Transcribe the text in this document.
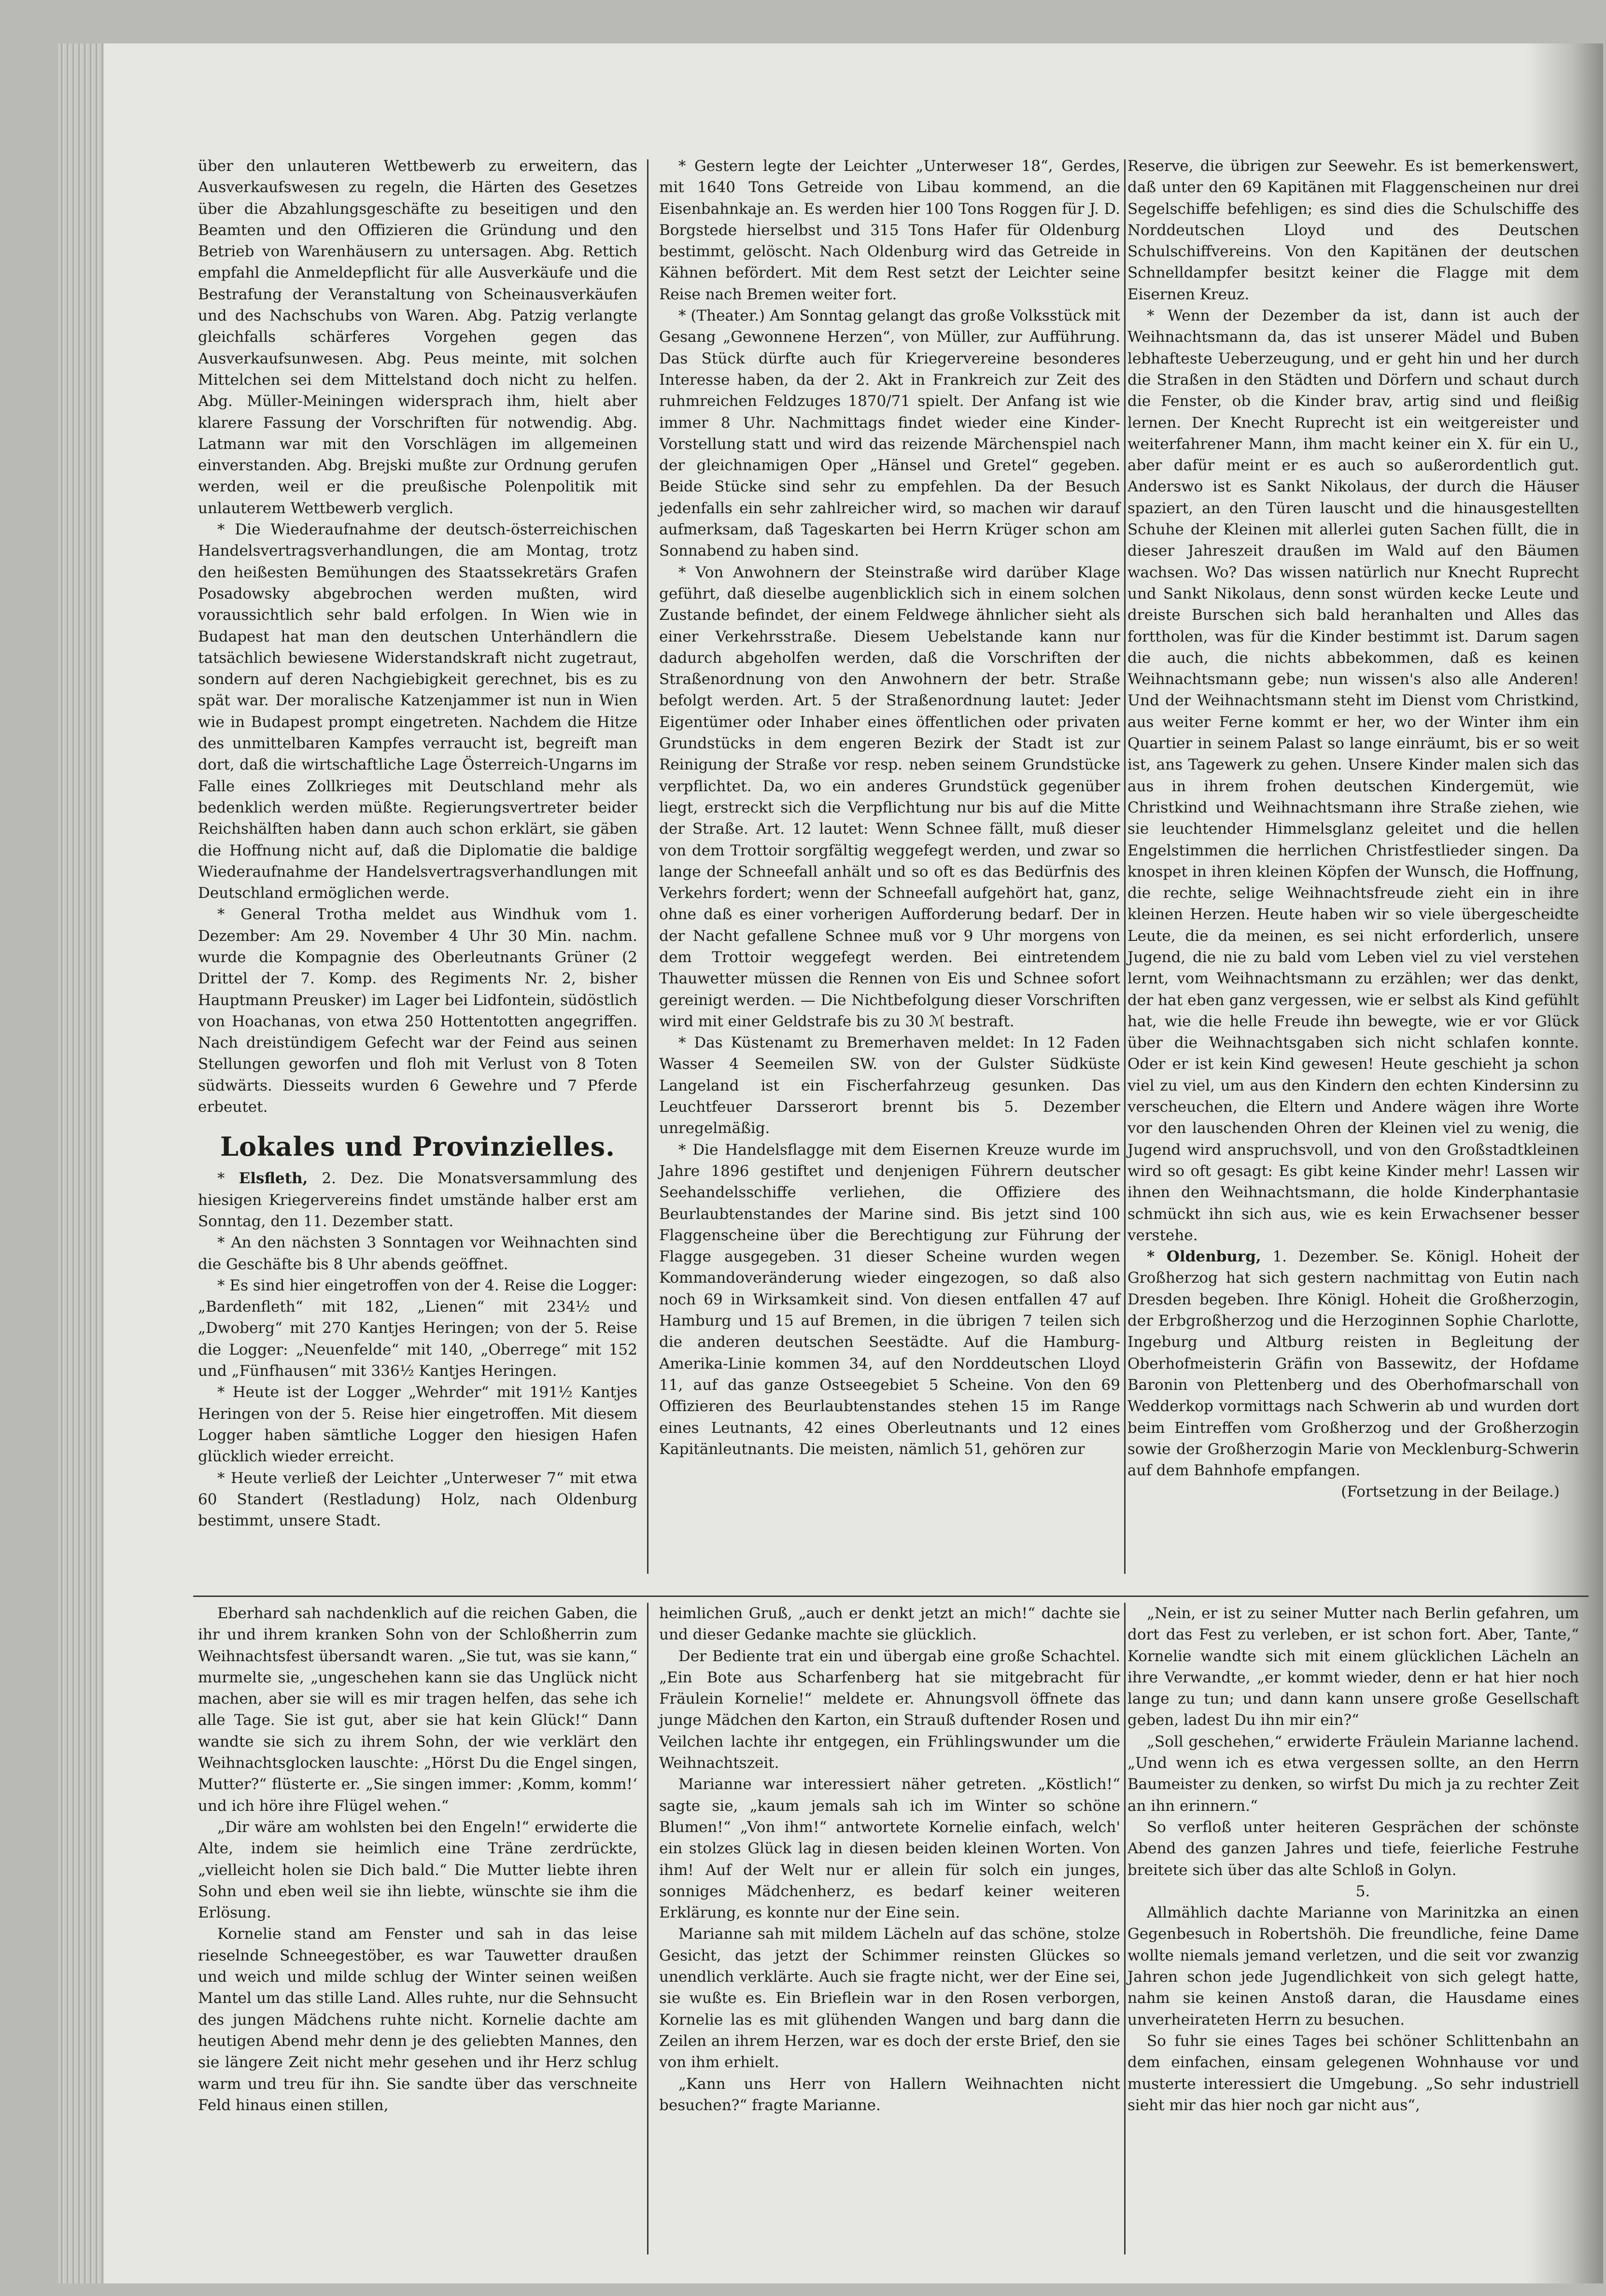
über den unlauteren Wettbewerb zu erweitern, das Ausverkaufswesen zu regeln, die Härten des Gesetzes über die Abzahlungsgeschäfte zu beseitigen und den Beamten und den Offizieren die Gründung und den Betrieb von Warenhäusern zu untersagen. Abg. Rettich empfahl die Anmeldepflicht für alle Ausverkäufe und die Bestrafung der Veranstaltung von Scheinausverkäufen und des Nachschubs von Waren. Abg. Patzig verlangte gleichfalls schärferes Vorgehen gegen das Ausverkaufsunwesen. Abg. Peus meinte, mit solchen Mittelchen sei dem Mittelstand doch nicht zu helfen. Abg. Müller-Meiningen widersprach ihm, hielt aber klarere Fassung der Vorschriften für notwendig. Abg. Latmann war mit den Vorschlägen im allgemeinen einverstanden. Abg. Brejski mußte zur Ordnung gerufen werden, weil er die preußische Polenpolitik mit unlauterem Wettbewerb verglich.

* Die Wiederaufnahme der deutsch-österreichischen Handelsvertragsverhandlungen, die am Montag, trotz den heißesten Bemühungen des Staatssekretärs Grafen Posadowsky abgebrochen werden mußten, wird voraussichtlich sehr bald erfolgen. In Wien wie in Budapest hat man den deutschen Unterhändlern die tatsächlich bewiesene Widerstandskraft nicht zugetraut, sondern auf deren Nachgiebigkeit gerechnet, bis es zu spät war. Der moralische Katzenjammer ist nun in Wien wie in Budapest prompt eingetreten. Nachdem die Hitze des unmittelbaren Kampfes verraucht ist, begreift man dort, daß die wirtschaftliche Lage Österreich-Ungarns im Falle eines Zollkrieges mit Deutschland mehr als bedenklich werden müßte. Regierungsvertreter beider Reichshälften haben dann auch schon erklärt, sie gäben die Hoffnung nicht auf, daß die Diplomatie die baldige Wiederaufnahme der Handelsvertragsverhandlungen mit Deutschland ermöglichen werde.

* General Trotha meldet aus Windhuk vom 1. Dezember: Am 29. November 4 Uhr 30 Min. nachm. wurde die Kompagnie des Oberleutnants Grüner (2 Drittel der 7. Komp. des Regiments Nr. 2, bisher Hauptmann Preusker) im Lager bei Lidfontein, südöstlich von Hoachanas, von etwa 250 Hottentotten angegriffen. Nach dreistündigem Gefecht war der Feind aus seinen Stellungen geworfen und floh mit Verlust von 8 Toten südwärts. Diesseits wurden 6 Gewehre und 7 Pferde erbeutet.

Lokales und Provinzielles.

* Elsfleth, 2. Dez. Die Monatsversammlung des hiesigen Kriegervereins findet umstände halber erst am Sonntag, den 11. Dezember statt.

* An den nächsten 3 Sonntagen vor Weihnachten sind die Geschäfte bis 8 Uhr abends geöffnet.

* Es sind hier eingetroffen von der 4. Reise die Logger: „Bardenfleth“ mit 182, „Lienen“ mit 234½ und „Dwoberg“ mit 270 Kantjes Heringen; von der 5. Reise die Logger: „Neuenfelde“ mit 140, „Oberrege“ mit 152 und „Fünfhausen“ mit 336½ Kantjes Heringen.

* Heute ist der Logger „Wehrder“ mit 191½ Kantjes Heringen von der 5. Reise hier eingetroffen. Mit diesem Logger haben sämtliche Logger den hiesigen Hafen glücklich wieder erreicht.

* Heute verließ der Leichter „Unterweser 7“ mit etwa 60 Standert (Restladung) Holz, nach Oldenburg bestimmt, unsere Stadt.

* Gestern legte der Leichter „Unterweser 18“, Gerdes, mit 1640 Tons Getreide von Libau kommend, an die Eisenbahnkaje an. Es werden hier 100 Tons Roggen für J. D. Borgstede hierselbst und 315 Tons Hafer für Oldenburg bestimmt, gelöscht. Nach Oldenburg wird das Getreide in Kähnen befördert. Mit dem Rest setzt der Leichter seine Reise nach Bremen weiter fort.

* (Theater.) Am Sonntag gelangt das große Volksstück mit Gesang „Gewonnene Herzen“, von Müller, zur Aufführung. Das Stück dürfte auch für Kriegervereine besonderes Interesse haben, da der 2. Akt in Frankreich zur Zeit des ruhmreichen Feldzuges 1870/71 spielt. Der Anfang ist wie immer 8 Uhr. Nachmittags findet wieder eine Kinder-Vorstellung statt und wird das reizende Märchenspiel nach der gleichnamigen Oper „Hänsel und Gretel“ gegeben. Beide Stücke sind sehr zu empfehlen. Da der Besuch jedenfalls ein sehr zahlreicher wird, so machen wir darauf aufmerksam, daß Tageskarten bei Herrn Krüger schon am Sonnabend zu haben sind.

* Von Anwohnern der Steinstraße wird darüber Klage geführt, daß dieselbe augenblicklich sich in einem solchen Zustande befindet, der einem Feldwege ähnlicher sieht als einer Verkehrsstraße. Diesem Uebelstande kann nur dadurch abgeholfen werden, daß die Vorschriften der Straßenordnung von den Anwohnern der betr. Straße befolgt werden. Art. 5 der Straßenordnung lautet: Jeder Eigentümer oder Inhaber eines öffentlichen oder privaten Grundstücks in dem engeren Bezirk der Stadt ist zur Reinigung der Straße vor resp. neben seinem Grundstücke verpflichtet. Da, wo ein anderes Grundstück gegenüber liegt, erstreckt sich die Verpflichtung nur bis auf die Mitte der Straße. Art. 12 lautet: Wenn Schnee fällt, muß dieser von dem Trottoir sorgfältig weggefegt werden, und zwar so lange der Schneefall anhält und so oft es das Bedürfnis des Verkehrs fordert; wenn der Schneefall aufgehört hat, ganz, ohne daß es einer vorherigen Aufforderung bedarf. Der in der Nacht gefallene Schnee muß vor 9 Uhr morgens von dem Trottoir weggefegt werden. Bei eintretendem Thauwetter müssen die Rennen von Eis und Schnee sofort gereinigt werden. — Die Nichtbefolgung dieser Vorschriften wird mit einer Geldstrafe bis zu 30 ℳ bestraft.

* Das Küstenamt zu Bremerhaven meldet: In 12 Faden Wasser 4 Seemeilen SW. von der Gulster Südküste Langeland ist ein Fischerfahrzeug gesunken. Das Leuchtfeuer Darsserort brennt bis 5. Dezember unregelmäßig.

* Die Handelsflagge mit dem Eisernen Kreuze wurde im Jahre 1896 gestiftet und denjenigen Führern deutscher Seehandelsschiffe verliehen, die Offiziere des Beurlaubtenstandes der Marine sind. Bis jetzt sind 100 Flaggenscheine über die Berechtigung zur Führung der Flagge ausgegeben. 31 dieser Scheine wurden wegen Kommandoveränderung wieder eingezogen, so daß also noch 69 in Wirksamkeit sind. Von diesen entfallen 47 auf Hamburg und 15 auf Bremen, in die übrigen 7 teilen sich die anderen deutschen Seestädte. Auf die Hamburg-Amerika-Linie kommen 34, auf den Norddeutschen Lloyd 11, auf das ganze Ostseegebiet 5 Scheine. Von den 69 Offizieren des Beurlaubtenstandes stehen 15 im Range eines Leutnants, 42 eines Oberleutnants und 12 eines Kapitänleutnants. Die meisten, nämlich 51, gehören zur

Reserve, die übrigen zur Seewehr. Es ist bemerkenswert, daß unter den 69 Kapitänen mit Flaggenscheinen nur drei Segelschiffe befehligen; es sind dies die Schulschiffe des Norddeutschen Lloyd und des Deutschen Schulschiffvereins. Von den Kapitänen der deutschen Schnelldampfer besitzt keiner die Flagge mit dem Eisernen Kreuz.

* Wenn der Dezember da ist, dann ist auch der Weihnachtsmann da, das ist unserer Mädel und Buben lebhafteste Ueberzeugung, und er geht hin und her durch die Straßen in den Städten und Dörfern und schaut durch die Fenster, ob die Kinder brav, artig sind und fleißig lernen. Der Knecht Ruprecht ist ein weitgereister und weiterfahrener Mann, ihm macht keiner ein X. für ein U., aber dafür meint er es auch so außerordentlich gut. Anderswo ist es Sankt Nikolaus, der durch die Häuser spaziert, an den Türen lauscht und die hinausgestellten Schuhe der Kleinen mit allerlei guten Sachen füllt, die in dieser Jahreszeit draußen im Wald auf den Bäumen wachsen. Wo? Das wissen natürlich nur Knecht Ruprecht und Sankt Nikolaus, denn sonst würden kecke Leute und dreiste Burschen sich bald heranhalten und Alles das forttholen, was für die Kinder bestimmt ist. Darum sagen die auch, die nichts abbekommen, daß es keinen Weihnachtsmann gebe; nun wissen's also alle Anderen! Und der Weihnachtsmann steht im Dienst vom Christkind, aus weiter Ferne kommt er her, wo der Winter ihm ein Quartier in seinem Palast so lange einräumt, bis er so weit ist, ans Tagewerk zu gehen. Unsere Kinder malen sich das aus in ihrem frohen deutschen Kindergemüt, wie Christkind und Weihnachtsmann ihre Straße ziehen, wie sie leuchtender Himmelsglanz geleitet und die hellen Engelstimmen die herrlichen Christfestlieder singen. Da knospet in ihren kleinen Köpfen der Wunsch, die Hoffnung, die rechte, selige Weihnachtsfreude zieht ein in ihre kleinen Herzen. Heute haben wir so viele übergescheidte Leute, die da meinen, es sei nicht erforderlich, unsere Jugend, die nie zu bald vom Leben viel zu viel verstehen lernt, vom Weihnachtsmann zu erzählen; wer das denkt, der hat eben ganz vergessen, wie er selbst als Kind gefühlt hat, wie die helle Freude ihn bewegte, wie er vor Glück über die Weihnachtsgaben sich nicht schlafen konnte. Oder er ist kein Kind gewesen! Heute geschieht ja schon viel zu viel, um aus den Kindern den echten Kindersinn zu verscheuchen, die Eltern und Andere wägen ihre Worte vor den lauschenden Ohren der Kleinen viel zu wenig, die Jugend wird anspruchsvoll, und von den Großstadtkleinen wird so oft gesagt: Es gibt keine Kinder mehr! Lassen wir ihnen den Weihnachtsmann, die holde Kinderphantasie schmückt ihn sich aus, wie es kein Erwachsener besser verstehe.

* Oldenburg, 1. Dezember. Se. Königl. Hoheit der Großherzog hat sich gestern nachmittag von Eutin nach Dresden begeben. Ihre Königl. Hoheit die Großherzogin, der Erbgroßherzog und die Herzoginnen Sophie Charlotte, Ingeburg und Altburg reisten in Begleitung der Oberhofmeisterin Gräfin von Bassewitz, der Hofdame Baronin von Plettenberg und des Oberhofmarschall von Wedderkop vormittags nach Schwerin ab und wurden dort beim Eintreffen vom Großherzog und der Großherzogin sowie der Großherzogin Marie von Mecklenburg-Schwerin auf dem Bahnhofe empfangen.

(Fortsetzung in der Beilage.)

Eberhard sah nachdenklich auf die reichen Gaben, die ihr und ihrem kranken Sohn von der Schloßherrin zum Weihnachtsfest übersandt waren. „Sie tut, was sie kann,“ murmelte sie, „ungeschehen kann sie das Unglück nicht machen, aber sie will es mir tragen helfen, das sehe ich alle Tage. Sie ist gut, aber sie hat kein Glück!“ Dann wandte sie sich zu ihrem Sohn, der wie verklärt den Weihnachtsglocken lauschte: „Hörst Du die Engel singen, Mutter?“ flüsterte er. „Sie singen immer: ‚Komm, komm!‘ und ich höre ihre Flügel wehen.“

„Dir wäre am wohlsten bei den Engeln!“ erwiderte die Alte, indem sie heimlich eine Träne zerdrückte, „vielleicht holen sie Dich bald.“ Die Mutter liebte ihren Sohn und eben weil sie ihn liebte, wünschte sie ihm die Erlösung.

Kornelie stand am Fenster und sah in das leise rieselnde Schneegestöber, es war Tauwetter draußen und weich und milde schlug der Winter seinen weißen Mantel um das stille Land. Alles ruhte, nur die Sehnsucht des jungen Mädchens ruhte nicht. Kornelie dachte am heutigen Abend mehr denn je des geliebten Mannes, den sie längere Zeit nicht mehr gesehen und ihr Herz schlug warm und treu für ihn. Sie sandte über das verschneite Feld hinaus einen stillen,

heimlichen Gruß, „auch er denkt jetzt an mich!“ dachte sie und dieser Gedanke machte sie glücklich.

Der Bediente trat ein und übergab eine große Schachtel. „Ein Bote aus Scharfenberg hat sie mitgebracht für Fräulein Kornelie!“ meldete er. Ahnungsvoll öffnete das junge Mädchen den Karton, ein Strauß duftender Rosen und Veilchen lachte ihr entgegen, ein Frühlingswunder um die Weihnachtszeit.

Marianne war interessiert näher getreten. „Köstlich!“ sagte sie, „kaum jemals sah ich im Winter so schöne Blumen!“ „Von ihm!“ antwortete Kornelie einfach, welch' ein stolzes Glück lag in diesen beiden kleinen Worten. Von ihm! Auf der Welt nur er allein für solch ein junges, sonniges Mädchenherz, es bedarf keiner weiteren Erklärung, es konnte nur der Eine sein.

Marianne sah mit mildem Lächeln auf das schöne, stolze Gesicht, das jetzt der Schimmer reinsten Glückes so unendlich verklärte. Auch sie fragte nicht, wer der Eine sei, sie wußte es. Ein Brieflein war in den Rosen verborgen, Kornelie las es mit glühenden Wangen und barg dann die Zeilen an ihrem Herzen, war es doch der erste Brief, den sie von ihm erhielt.

„Kann uns Herr von Hallern Weihnachten nicht besuchen?“ fragte Marianne.

„Nein, er ist zu seiner Mutter nach Berlin gefahren, um dort das Fest zu verleben, er ist schon fort. Aber, Tante,“ Kornelie wandte sich mit einem glücklichen Lächeln an ihre Verwandte, „er kommt wieder, denn er hat hier noch lange zu tun; und dann kann unsere große Gesellschaft geben, ladest Du ihn mir ein?“

„Soll geschehen,“ erwiderte Fräulein Marianne lachend. „Und wenn ich es etwa vergessen sollte, an den Herrn Baumeister zu denken, so wirfst Du mich ja zu rechter Zeit an ihn erinnern.“

So verfloß unter heiteren Gesprächen der schönste Abend des ganzen Jahres und tiefe, feierliche Festruhe breitete sich über das alte Schloß in Golyn.

5.

Allmählich dachte Marianne von Marinitzka an einen Gegenbesuch in Robertshöh. Die freundliche, feine Dame wollte niemals jemand verletzen, und die seit vor zwanzig Jahren schon jede Jugendlichkeit von sich gelegt hatte, nahm sie keinen Anstoß daran, die Hausdame eines unverheirateten Herrn zu besuchen.

So fuhr sie eines Tages bei schöner Schlittenbahn an dem einfachen, einsam gelegenen Wohnhause vor und musterte interessiert die Umgebung. „So sehr industriell sieht mir das hier noch gar nicht aus“,
